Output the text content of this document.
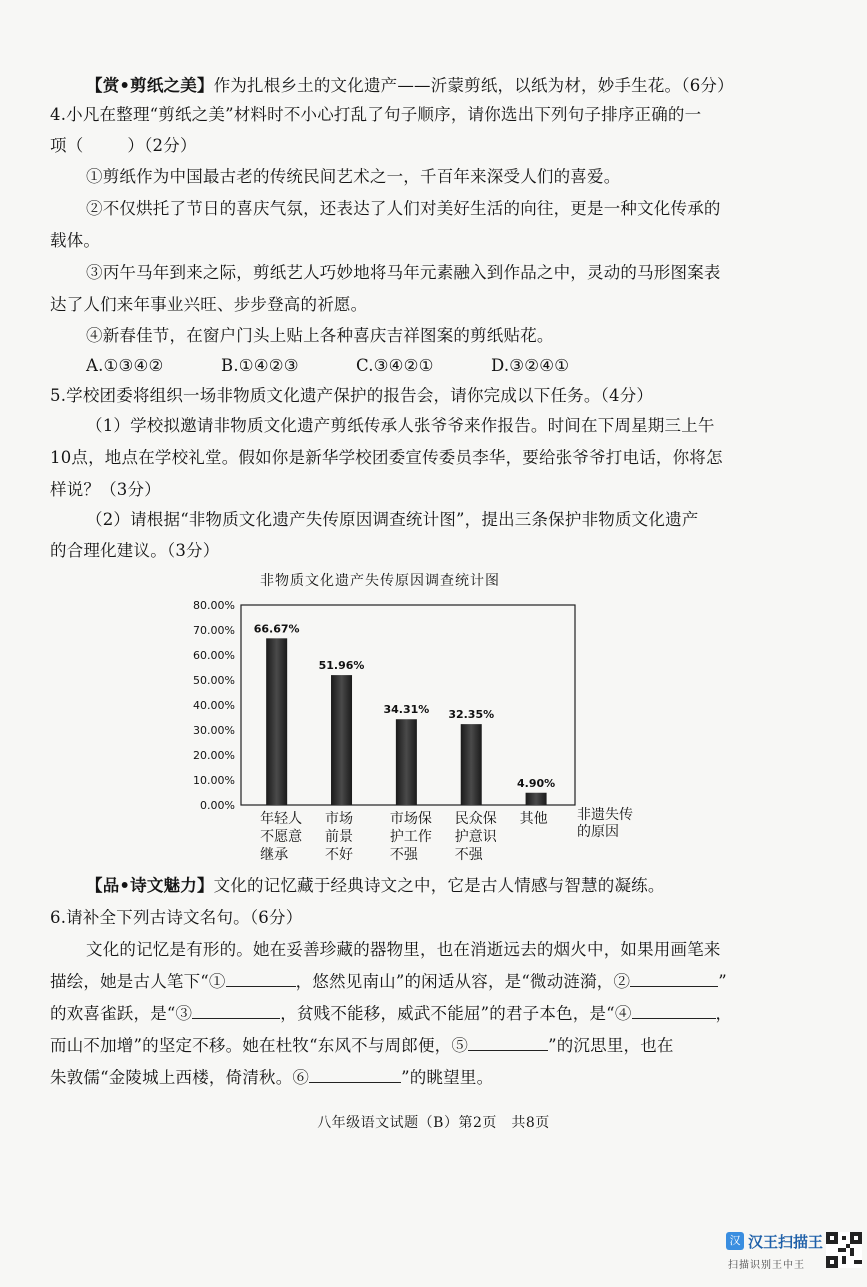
【赏•剪纸之美】作为扎根乡土的文化遗产——沂蒙剪纸，以纸为材，妙手生花。（6分）
4.小凡在整理“剪纸之美”材料时不小心打乱了句子顺序，请你选出下列句子排序正确的一
项（	）（2分）
①剪纸作为中国最古老的传统民间艺术之一，千百年来深受人们的喜爱。
②不仅烘托了节日的喜庆气氛，还表达了人们对美好生活的向往，更是一种文化传承的
载体。
③丙午马年到来之际，剪纸艺人巧妙地将马年元素融入到作品之中，灵动的马形图案表
达了人们来年事业兴旺、步步登高的祈愿。
④新春佳节，在窗户门头上贴上各种喜庆吉祥图案的剪纸贴花。
A.①③④②	B.①④②③	C.③④②①	D.③②④①
5.学校团委将组织一场非物质文化遗产保护的报告会，请你完成以下任务。（4分）
（1）学校拟邀请非物质文化遗产剪纸传承人张爷爷来作报告。时间在下周星期三上午
10点，地点在学校礼堂。假如你是新华学校团委宣传委员李华，要给张爷爷打电话，你将怎
样说？（3分）
（2）请根据“非物质文化遗产失传原因调查统计图”，提出三条保护非物质文化遗产
的合理化建议。（3分）
非物质文化遗产失传原因调查统计图
0.00%
10.00%
20.00%
30.00%
40.00%
50.00%
60.00%
70.00%
80.00%
66.67%
年轻人
不愿意
继承
51.96%
市场
前景
不好
34.31%
市场保
护工作
不强
32.35%
民众保
护意识
不强
4.90%
其他 非遗失传
的原因
【品•诗文魅力】文化的记忆藏于经典诗文之中，它是古人情感与智慧的凝练。
6.请补全下列古诗文名句。（6分）
文化的记忆是有形的。她在妥善珍藏的器物里，也在消逝远去的烟火中，如果用画笔来
描绘，她是古人笔下“①	，悠然见南山”的闲适从容，是“微动涟漪，②	”
的欢喜雀跃，是“③	，贫贱不能移，威武不能屈”的君子本色，是“④	，
而山不加增”的坚定不移。她在杜牧“东风不与周郎便，⑤	”的沉思里，也在
朱敦儒“金陵城上西楼，倚清秋。⑥	”的眺望里。
八年级语文试题（B）第2页　共8页
汉 汉王扫描王
扫描识别王中王
